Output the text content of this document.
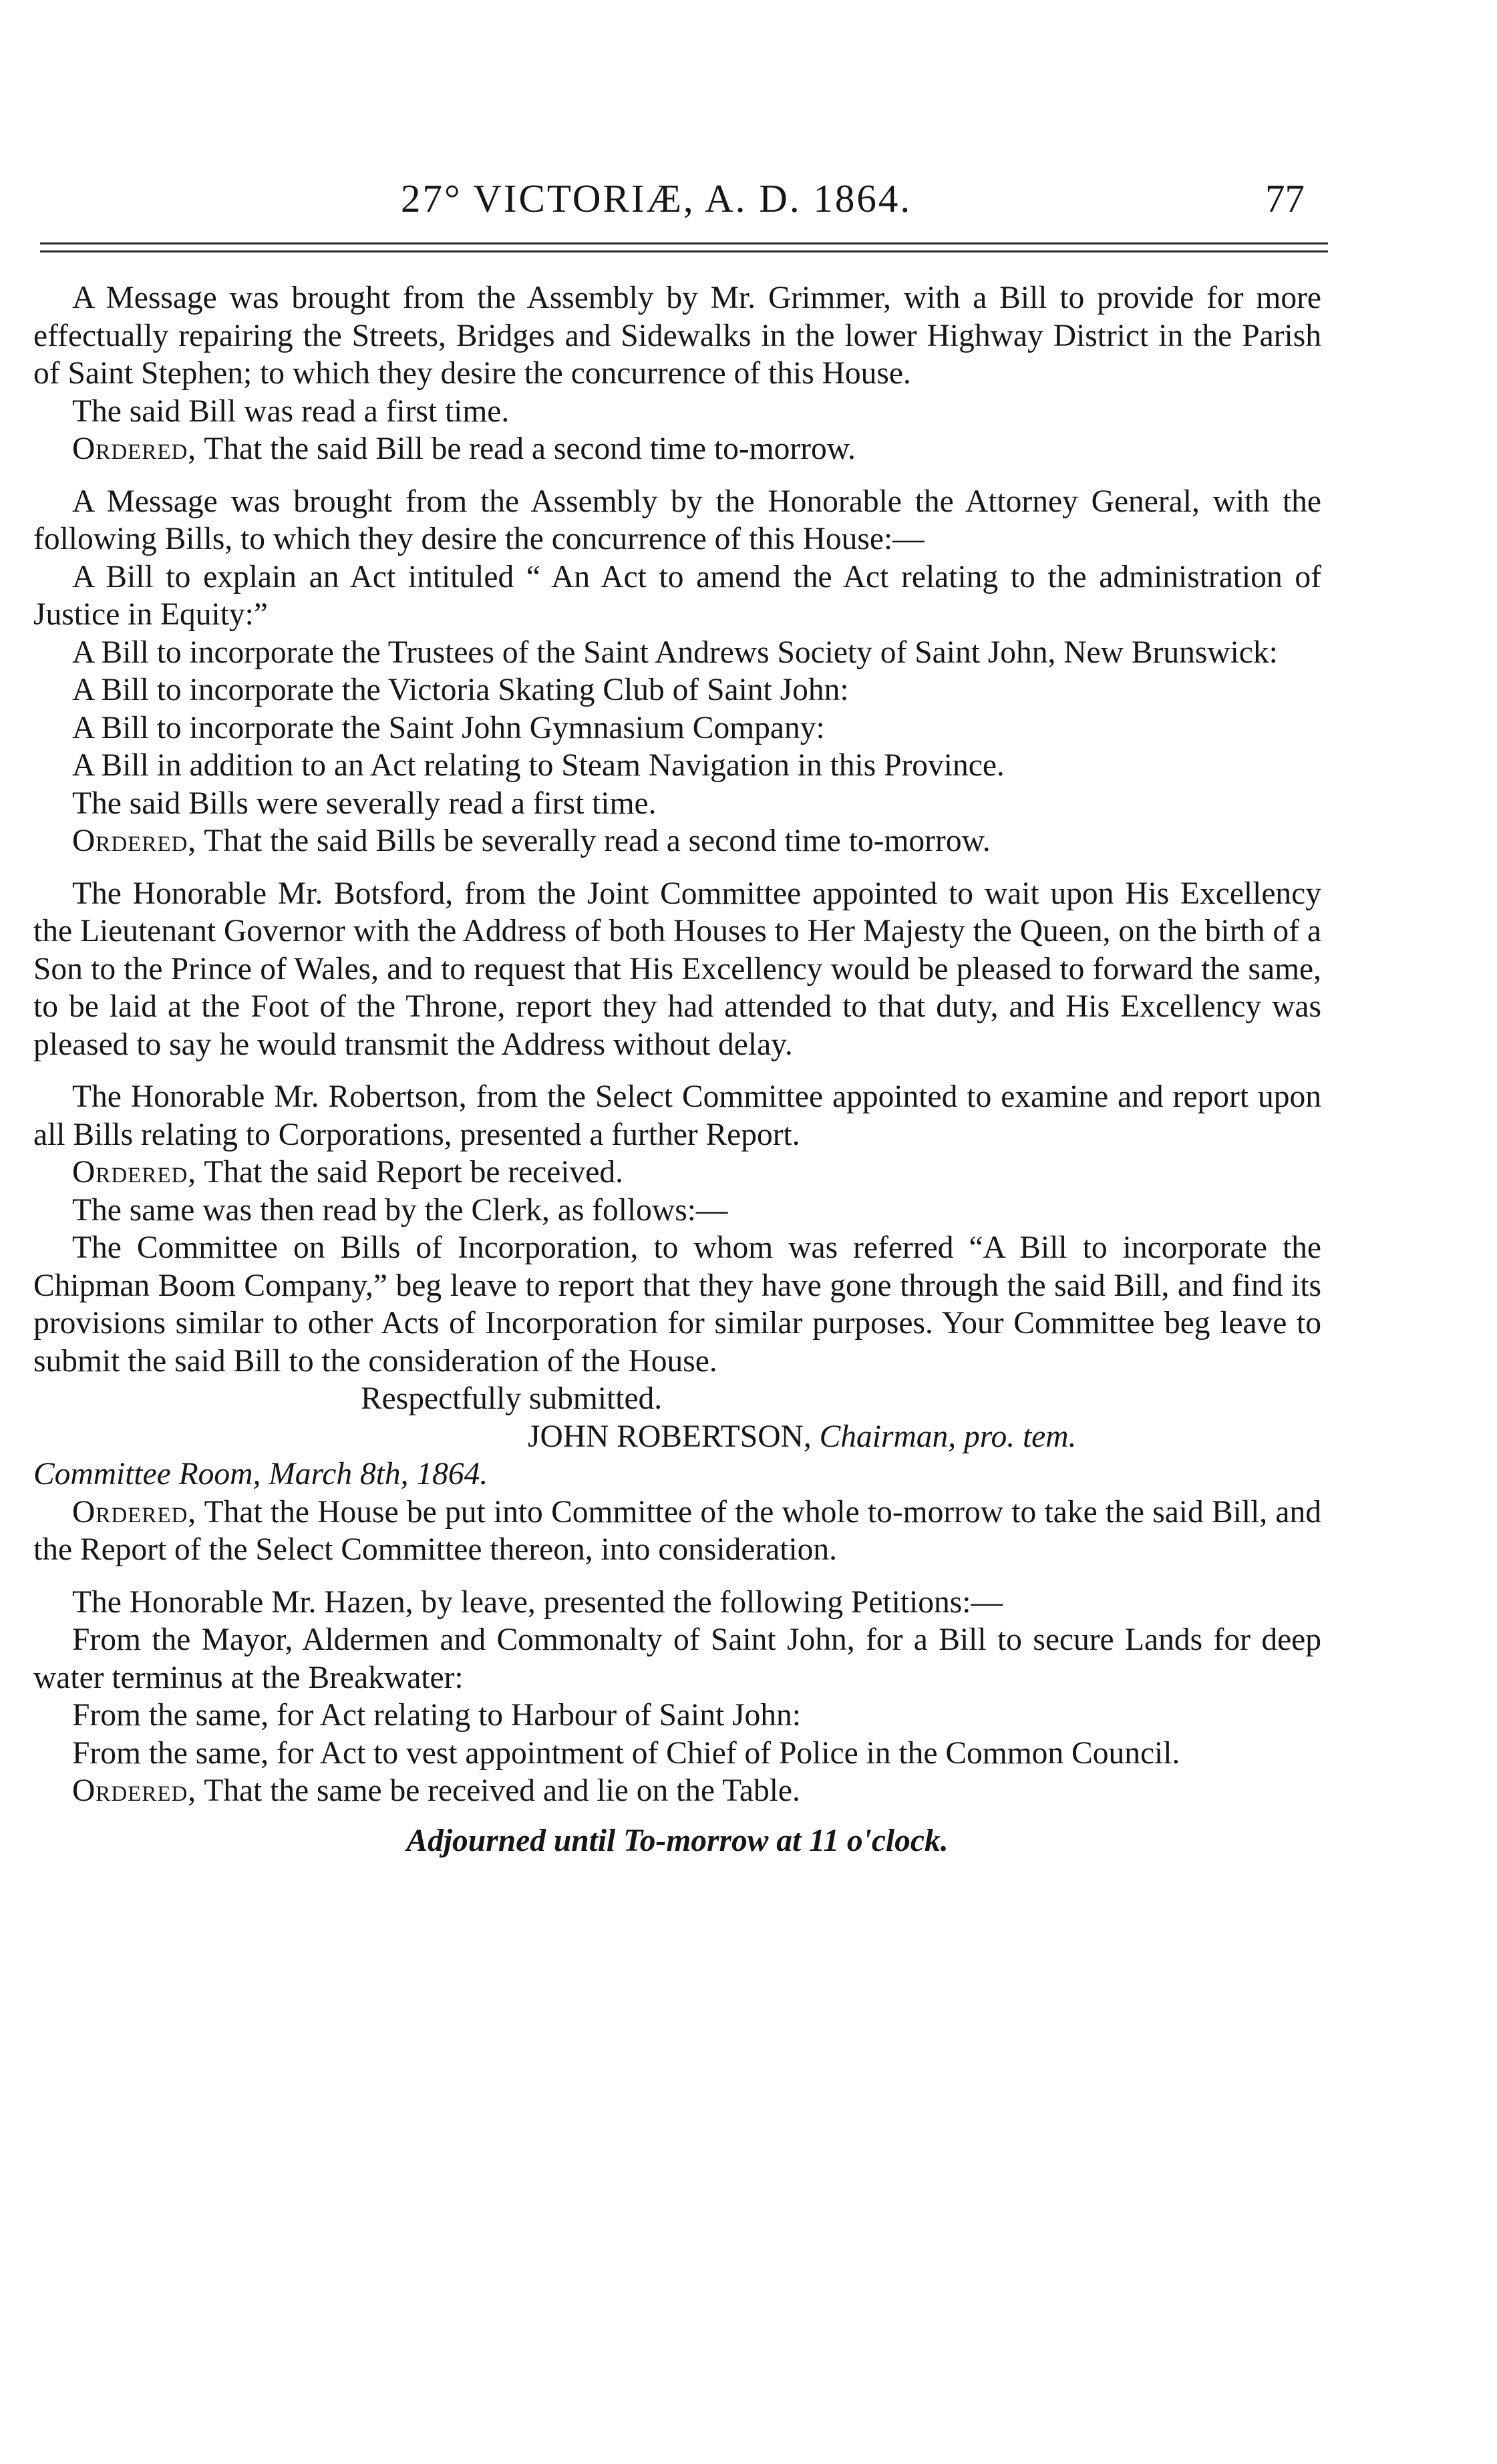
27° VICTORIÆ, A. D. 1864.	77

A Message was brought from the Assembly by Mr. Grimmer, with a Bill to provide for more effectually repairing the Streets, Bridges and Sidewalks in the lower Highway District in the Parish of Saint Stephen; to which they desire the concurrence of this House.

The said Bill was read a first time.

Ordered, That the said Bill be read a second time to-morrow.

A Message was brought from the Assembly by the Honorable the Attorney General, with the following Bills, to which they desire the concurrence of this House:—

A Bill to explain an Act intituled “ An Act to amend the Act relating to the administration of Justice in Equity:”

A Bill to incorporate the Trustees of the Saint Andrews Society of Saint John, New Brunswick:

A Bill to incorporate the Victoria Skating Club of Saint John:

A Bill to incorporate the Saint John Gymnasium Company:

A Bill in addition to an Act relating to Steam Navigation in this Province.

The said Bills were severally read a first time.

Ordered, That the said Bills be severally read a second time to-morrow.

The Honorable Mr. Botsford, from the Joint Committee appointed to wait upon His Excellency the Lieutenant Governor with the Address of both Houses to Her Majesty the Queen, on the birth of a Son to the Prince of Wales, and to request that His Excellency would be pleased to forward the same, to be laid at the Foot of the Throne, report they had attended to that duty, and His Excellency was pleased to say he would transmit the Address without delay.

The Honorable Mr. Robertson, from the Select Committee appointed to examine and report upon all Bills relating to Corporations, presented a further Report.

Ordered, That the said Report be received.

The same was then read by the Clerk, as follows:—

The Committee on Bills of Incorporation, to whom was referred “A Bill to incorporate the Chipman Boom Company,” beg leave to report that they have gone through the said Bill, and find its provisions similar to other Acts of Incorporation for similar purposes. Your Committee beg leave to submit the said Bill to the consideration of the House.

Respectfully submitted.

JOHN ROBERTSON, Chairman, pro. tem.

Committee Room, March 8th, 1864.

Ordered, That the House be put into Committee of the whole to-morrow to take the said Bill, and the Report of the Select Committee thereon, into consideration.

The Honorable Mr. Hazen, by leave, presented the following Petitions:—

From the Mayor, Aldermen and Commonalty of Saint John, for a Bill to secure Lands for deep water terminus at the Breakwater:

From the same, for Act relating to Harbour of Saint John:

From the same, for Act to vest appointment of Chief of Police in the Common Council.

Ordered, That the same be received and lie on the Table.

Adjourned until To-morrow at 11 o'clock.
